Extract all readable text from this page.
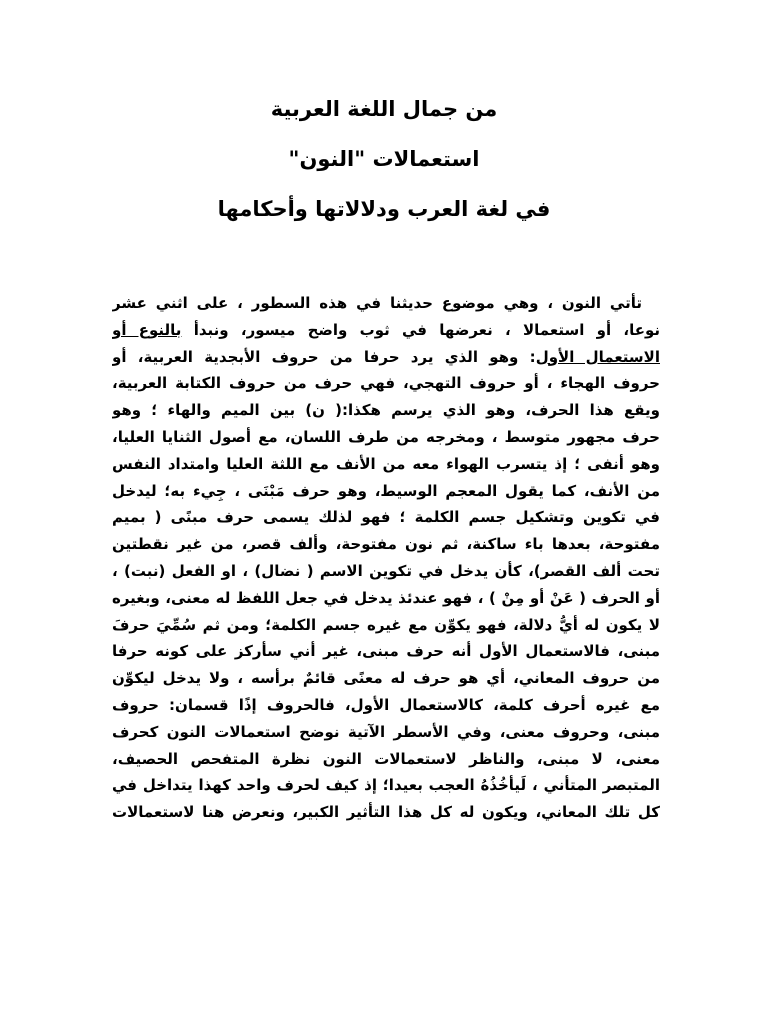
من جمال اللغة العربية

استعمالات "النون"

في لغة العرب ودلالاتها وأحكامها

تأتي النون ، وهي موضوع حديثنا في هذه السطور ، على اثني عشر
نوعا، أو استعمالا ، نعرضها في ثوب واضح ميسور، ونبدأ بالنوع أو
الاستعمال الأول: وهو الذي يرد حرفا من حروف الأبجدية العربية، أو
حروف الهجاء ، أو حروف التهجي، فهي حرف من حروف الكتابة العربية،
ويقع هذا الحرف، وهو الذي يرسم هكذا:( ن) بين الميم والهاء ؛ وهو
حرف مجهور متوسط ، ومخرجه من طرف اللسان، مع أصول الثنايا العليا،
وهو أنفى ؛ إذ يتسرب الهواء معه من الأنف مع اللثة العليا وامتداد النفس
من الأنف، كما يقول المعجم الوسيط، وهو حرف مَبْنَى ، جِيء به؛ ليدخل
في تكوين وتشكيل جسم الكلمة ؛ فهو لذلك يسمى حرف مبنًى ( بميم
مفتوحة، بعدها باء ساكنة، ثم نون مفتوحة، وألف قصر، من غير نقطتين
تحت ألف القصر)، كأن يدخل في تكوين الاسم ( نضال) ، او الفعل (نبت) ،
أو الحرف ( عَنْ أو مِنْ ) ، فهو عندئذ يدخل في جعل اللفظ له معنى، وبغيره
لا يكون له أيُّ دلالة، فهو يكوِّن مع غيره جسم الكلمة؛ ومن ثم سُمِّيَ حرفَ
مبنى، فالاستعمال الأول أنه حرف مبنى، غير أني سأركز على كونه حرفا
من حروف المعاني، أي هو حرف له معنًى قائمٌ برأسه ، ولا يدخل ليكوِّن
مع غيره أحرف كلمة، كالاستعمال الأول، فالحروف إذًا قسمان: حروف
مبنى، وحروف معنى، وفي الأسطر الآتية نوضح استعمالات النون كحرف
معنى، لا مبنى، والناظر لاستعمالات النون نظرة المتفحص الحصيف،
المتبصر المتأني ، لَيأخُذُهُ العجب بعيدا؛ إذ كيف لحرف واحد كهذا يتداخل في
كل تلك المعاني، ويكون له كل هذا التأثير الكبير، ونعرض هنا لاستعمالات
